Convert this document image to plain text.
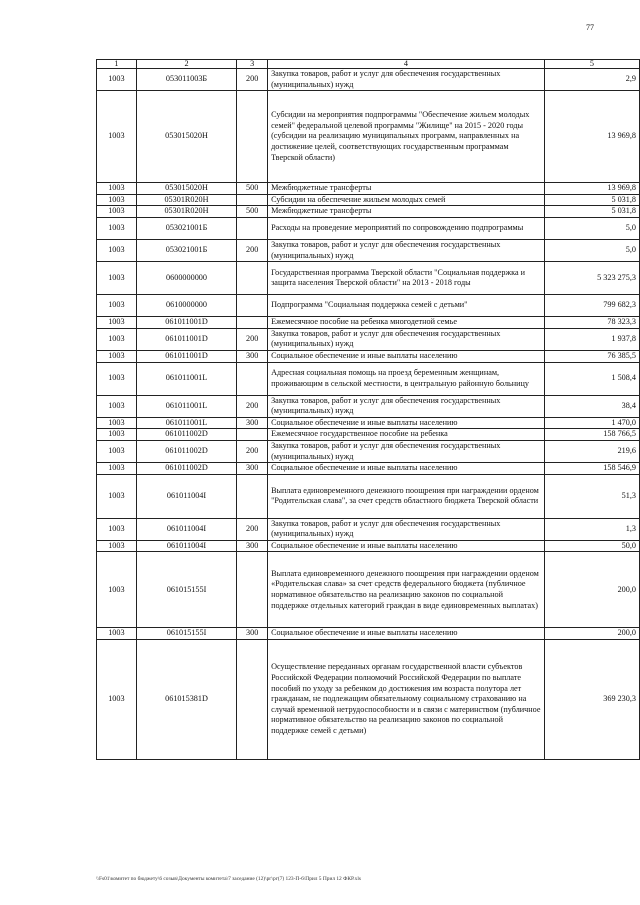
77
1	2	3	4	5
1003	053011003Б	200	Закупка товаров, работ и услуг для обеспечения государственных (муниципальных) нужд	2,9
1003	053015020Н		Субсидии на мероприятия подпрограммы "Обеспечение жильем молодых семей" федеральной целевой программы "Жилище" на 2015 - 2020 годы (субсидии на реализацию муниципальных программ, направленных на достижение целей, соответствующих государственным программам Тверской области)	13 969,8
1003	053015020Н	500	Межбюджетные трансферты	13 969,8
1003	05301R020Н		Субсидии на обеспечение жильем молодых семей	5 031,8
1003	05301R020Н	500	Межбюджетные трансферты	5 031,8
1003	053021001Б		Расходы на проведение мероприятий по сопровождению подпрограммы	5,0
1003	053021001Б	200	Закупка товаров, работ и услуг для обеспечения государственных (муниципальных) нужд	5,0
1003	0600000000		Государственная программа Тверской области "Социальная поддержка и защита населения Тверской области" на 2013 - 2018 годы	5 323 275,3
1003	0610000000		Подпрограмма "Социальная поддержка семей с детьми"	799 682,3
1003	061011001D		Ежемесячное пособие на ребенка многодетной семье	78 323,3
1003	061011001D	200	Закупка товаров, работ и услуг для обеспечения государственных (муниципальных) нужд	1 937,8
1003	061011001D	300	Социальное обеспечение и иные выплаты населению	76 385,5
1003	061011001L		Адресная социальная помощь на проезд беременным женщинам, проживающим в сельской местности, в центральную районную больницу	1 508,4
1003	061011001L	200	Закупка товаров, работ и услуг для обеспечения государственных (муниципальных) нужд	38,4
1003	061011001L	300	Социальное обеспечение и иные выплаты населению	1 470,0
1003	061011002D		Ежемесячное государственное пособие на ребенка	158 766,5
1003	061011002D	200	Закупка товаров, работ и услуг для обеспечения государственных (муниципальных) нужд	219,6
1003	061011002D	300	Социальное обеспечение и иные выплаты населению	158 546,9
1003	061011004I		Выплата единовременного денежного поощрения при награждении орденом "Родительская слава", за счет средств областного бюджета Тверской области	51,3
1003	061011004I	200	Закупка товаров, работ и услуг для обеспечения государственных (муниципальных) нужд	1,3
1003	061011004I	300	Социальное обеспечение и иные выплаты населению	50,0
1003	061015155I		Выплата единовременного денежного поощрения при награждении орденом «Родительская слава» за счет средств федерального бюджета (публичное нормативное обязательство на реализацию законов по социальной поддержке отдельных категорий граждан в виде единовременных выплатах)	200,0
1003	061015155I	300	Социальное обеспечение и иные выплаты населению	200,0
1003	061015381D		Осуществление переданных органам государственной власти субъектов Российской Федерации полномочий Российской Федерации по выплате пособий по уходу за ребенком до достижения им возраста полутора лет гражданам, не подлежащим обязательному социальному страхованию на случай временной нетрудоспособности и в связи с материнством (публичное нормативное обязательство на реализацию законов по социальной поддержке семей с детьми)	369 230,3
\\Fs01\комитет по бюджету\6 созыв\Документы комитета\7 заседание (12)\рг\рг(7) 123-П-6\Прил 5 Прил 12 ФКР.xls
